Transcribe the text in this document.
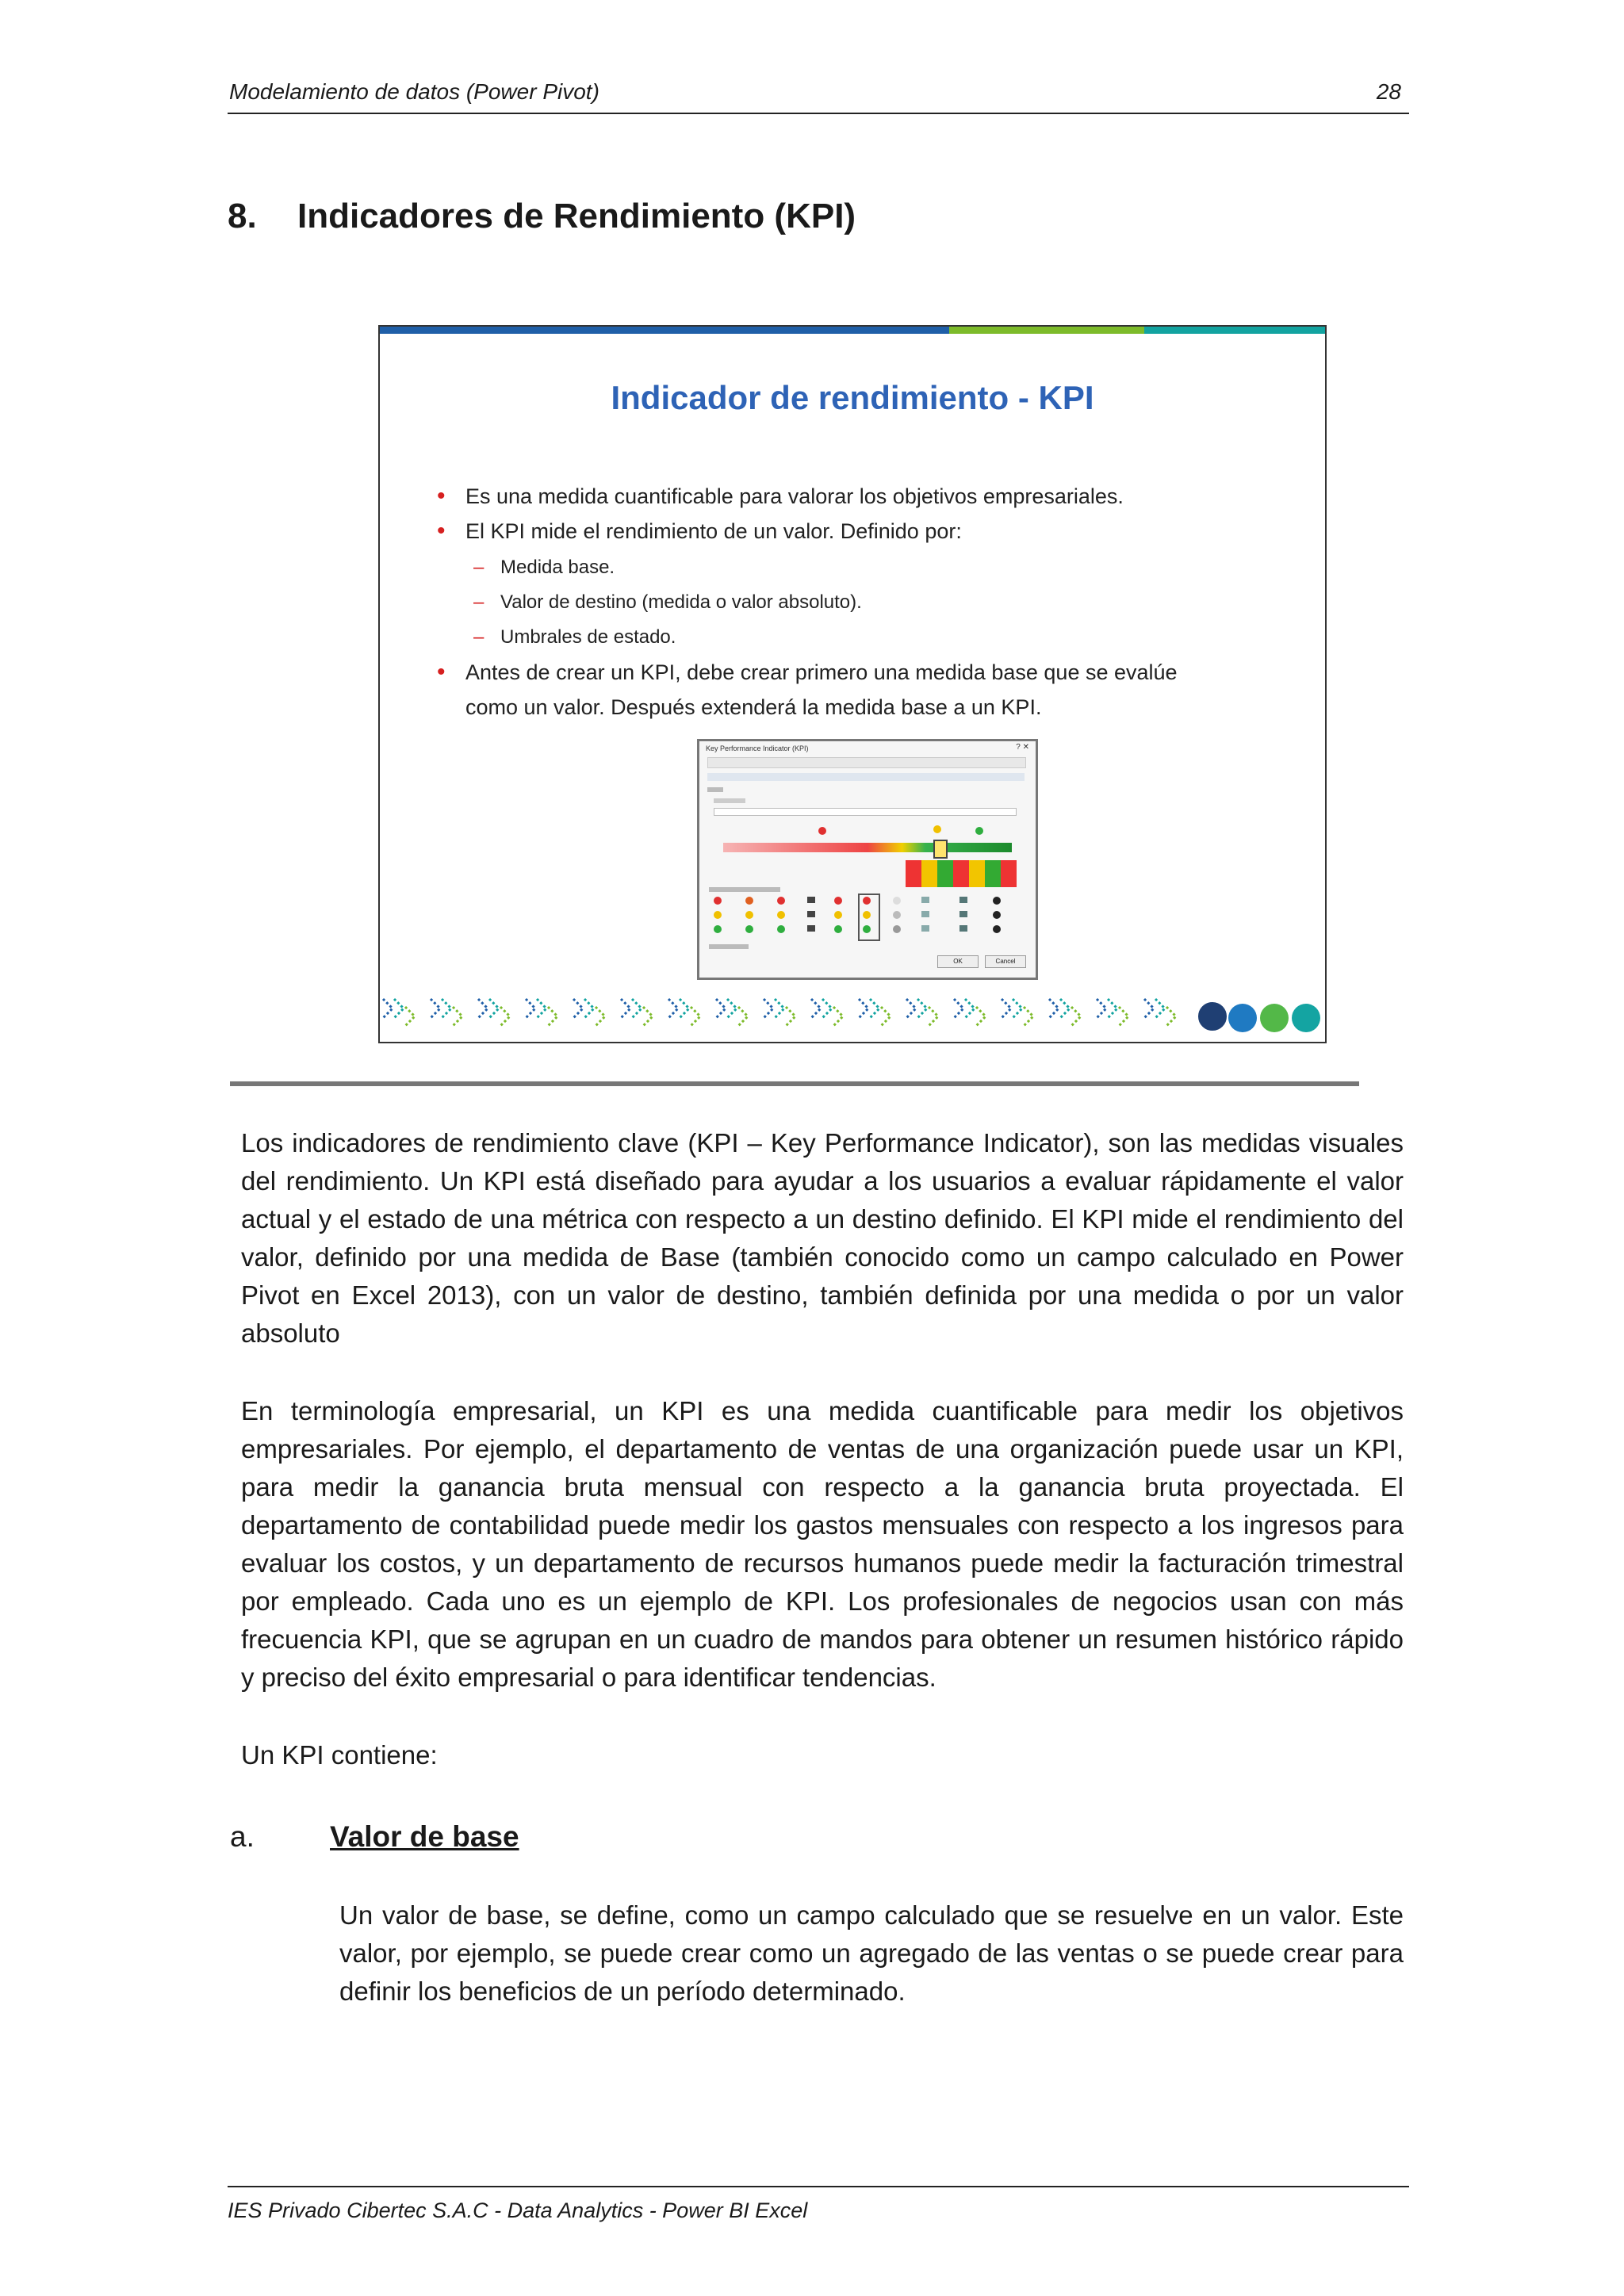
Modelamiento de datos (Power Pivot)	28
8. Indicadores de Rendimiento (KPI)
Indicador de rendimiento - KPI
• Es una medida cuantificable para valorar los objetivos empresariales.
• El KPI mide el rendimiento de un valor. Definido por:
– Medida base.
– Valor de destino (medida o valor absoluto).
– Umbrales de estado.
• Antes de crear un KPI, debe crear primero una medida base que se evalúe
como un valor. Después extenderá la medida base a un KPI.
Key Performance Indicator (KPI)	? ✕
OK	Cancel
Los indicadores de rendimiento clave (KPI – Key Performance Indicator), son las medidas visuales del rendimiento. Un KPI está diseñado para ayudar a los usuarios a evaluar rápidamente el valor actual y el estado de una métrica con respecto a un destino definido. El KPI mide el rendimiento del valor, definido por una medida de Base (también conocido como un campo calculado en Power Pivot en Excel 2013), con un valor de destino, también definida por una medida o por un valor absoluto
En terminología empresarial, un KPI es una medida cuantificable para medir los objetivos empresariales. Por ejemplo, el departamento de ventas de una organización puede usar un KPI, para medir la ganancia bruta mensual con respecto a la ganancia bruta proyectada. El departamento de contabilidad puede medir los gastos mensuales con respecto a los ingresos para evaluar los costos, y un departamento de recursos humanos puede medir la facturación trimestral por empleado. Cada uno es un ejemplo de KPI. Los profesionales de negocios usan con más frecuencia KPI, que se agrupan en un cuadro de mandos para obtener un resumen histórico rápido y preciso del éxito empresarial o para identificar tendencias.
Un KPI contiene:
a.	Valor de base
Un valor de base, se define, como un campo calculado que se resuelve en un valor. Este valor, por ejemplo, se puede crear como un agregado de las ventas o se puede crear para definir los beneficios de un período determinado.
IES Privado Cibertec S.A.C - Data Analytics - Power BI Excel
